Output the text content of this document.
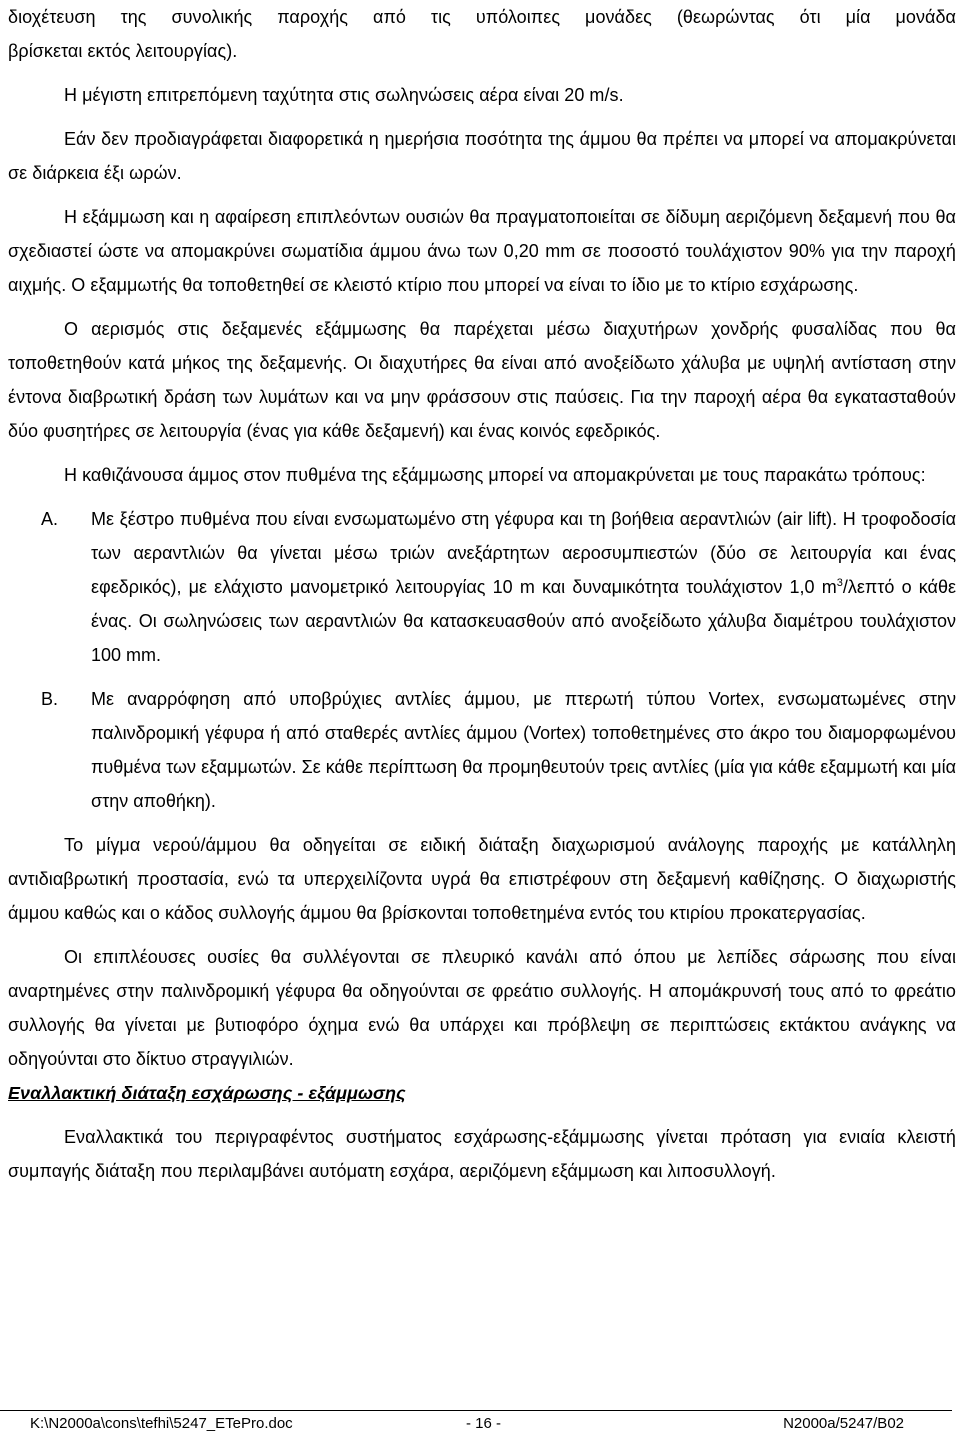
διοχέτευση της συνολικής παροχής από τις υπόλοιπες μονάδες (θεωρώντας ότι μία μονάδα

βρίσκεται εκτός λειτουργίας).

Η μέγιστη επιτρεπόμενη ταχύτητα στις σωληνώσεις αέρα είναι 20 m/s.

Εάν δεν προδιαγράφεται διαφορετικά η ημερήσια ποσότητα της άμμου θα πρέπει να μπορεί να απομακρύνεται σε διάρκεια έξι ωρών.

Η εξάμμωση και η αφαίρεση επιπλεόντων ουσιών θα πραγματοποιείται σε δίδυμη αεριζόμενη δεξαμενή που θα σχεδιαστεί ώστε να απομακρύνει σωματίδια άμμου άνω των 0,20 mm σε ποσοστό τουλάχιστον 90% για την παροχή αιχμής. Ο εξαμμωτής θα τοποθετηθεί σε κλειστό κτίριο που μπορεί να είναι το ίδιο με το κτίριο εσχάρωσης.

Ο αερισμός στις δεξαμενές εξάμμωσης θα παρέχεται μέσω διαχυτήρων χονδρής φυσαλίδας που θα τοποθετηθούν κατά μήκος της δεξαμενής. Οι διαχυτήρες θα είναι από ανοξείδωτο χάλυβα με υψηλή αντίσταση στην έντονα διαβρωτική δράση των λυμάτων και να μην φράσσουν στις παύσεις. Για την παροχή αέρα θα εγκατασταθούν δύο φυσητήρες σε λειτουργία (ένας για κάθε δεξαμενή) και ένας κοινός εφεδρικός.

Η καθιζάνουσα άμμος στον πυθμένα της εξάμμωσης μπορεί να απομακρύνεται με τους παρακάτω τρόπους:

Α. Με ξέστρο πυθμένα που είναι ενσωματωμένο στη γέφυρα και τη βοήθεια αεραντλιών (air lift). Η τροφοδοσία των αεραντλιών θα γίνεται μέσω τριών ανεξάρτητων αεροσυμπιεστών (δύο σε λειτουργία και ένας εφεδρικός), με ελάχιστο μανομετρικό λειτουργίας 10 m και δυναμικότητα τουλάχιστον 1,0 $m^3$/λεπτό ο κάθε ένας. Οι σωληνώσεις των αεραντλιών θα κατασκευασθούν από ανοξείδωτο χάλυβα διαμέτρου τουλάχιστον 100 mm.
Β. Με αναρρόφηση από υποβρύχιες αντλίες άμμου, με πτερωτή τύπου Vortex, ενσωματωμένες στην παλινδρομική γέφυρα ή από σταθερές αντλίες άμμου (Vortex) τοποθετημένες στο άκρο του διαμορφωμένου πυθμένα των εξαμμωτών. Σε κάθε περίπτωση θα προμηθευτούν τρεις αντλίες (μία για κάθε εξαμμωτή και μία στην αποθήκη).

Το μίγμα νερού/άμμου θα οδηγείται σε ειδική διάταξη διαχωρισμού ανάλογης παροχής με κατάλληλη αντιδιαβρωτική προστασία, ενώ τα υπερχειλίζοντα υγρά θα επιστρέφουν στη δεξαμενή καθίζησης. Ο διαχωριστής άμμου καθώς και ο κάδος συλλογής άμμου θα βρίσκονται τοποθετημένα εντός του κτιρίου προκατεργασίας.

Οι επιπλέουσες ουσίες θα συλλέγονται σε πλευρικό κανάλι από όπου με λεπίδες σάρωσης που είναι αναρτημένες στην παλινδρομική γέφυρα θα οδηγούνται σε φρεάτιο συλλογής. Η απομάκρυνσή τους από το φρεάτιο συλλογής θα γίνεται με βυτιοφόρο όχημα ενώ θα υπάρχει και πρόβλεψη σε περιπτώσεις εκτάκτου ανάγκης να οδηγούνται στο δίκτυο στραγγιλιών.

Εναλλακτική διάταξη εσχάρωσης - εξάμμωσης

Εναλλακτικά του περιγραφέντος συστήματος εσχάρωσης-εξάμμωσης γίνεται πρόταση για ενιαία κλειστή συμπαγής διάταξη που περιλαμβάνει αυτόματη εσχάρα, αεριζόμενη εξάμμωση και λιποσυλλογή.

K:\N2000a\cons\tefhi\5247_ETePro.doc	- 16 -	N2000a/5247/B02
